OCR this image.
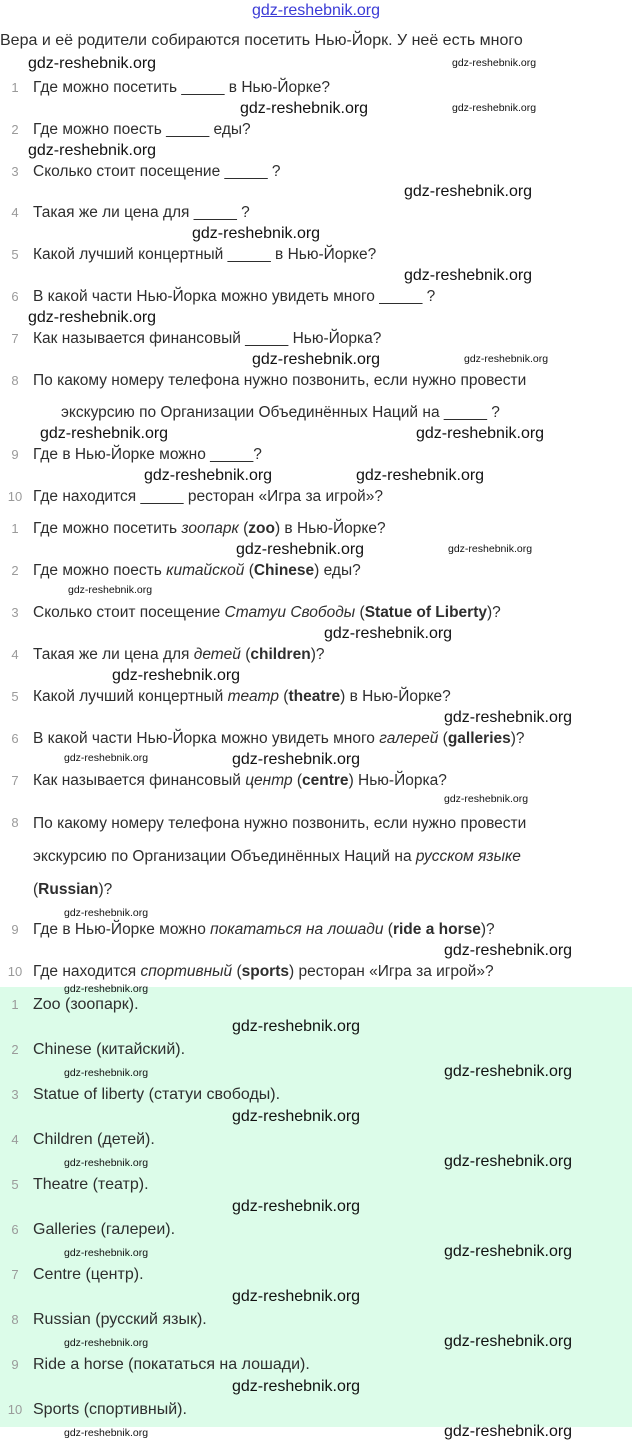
gdz-reshebnik.org
Вера и её родители собираются посетить Нью-Йорк. У неё есть много
1 Где можно посетить _____ в Нью-Йорке?
2 Где можно поесть _____ еды?
3 Сколько стоит посещение _____ ?
4 Такая же ли цена для _____ ?
5 Какой лучший концертный _____ в Нью-Йорке?
6 В какой части Нью-Йорка можно увидеть много _____ ?
7 Как называется финансовый _____ Нью-Йорка?
8 По какому номеру телефона нужно позвонить, если нужно провести
экскурсию по Организации Объединённых Наций на _____ ?
9 Где в Нью-Йорке можно _____?
10 Где находится _____ ресторан «Игра за игрой»?
1 Где можно посетить зоопарк (zoo) в Нью-Йорке?
2 Где можно поесть китайской (Chinese) еды?
3 Сколько стоит посещение Статуи Свободы (Statue of Liberty)?
4 Такая же ли цена для детей (children)?
5 Какой лучший концертный театр (theatre) в Нью-Йорке?
6 В какой части Нью-Йорка можно увидеть много галерей (galleries)?
7 Как называется финансовый центр (centre) Нью-Йорка?
8 По какому номеру телефона нужно позвонить, если нужно провести экскурсию по Организации Объединённых Наций на русском языке (Russian)?
9 Где в Нью-Йорке можно покататься на лошади (ride a horse)?
10 Где находится спортивный (sports) ресторан «Игра за игрой»?
1 Zoo (зоопарк).
2 Chinese (китайский).
3 Statue of liberty (статуи свободы).
4 Children (детей).
5 Theatre (театр).
6 Galleries (галереи).
7 Centre (центр).
8 Russian (русский язык).
9 Ride a horse (покататься на лошади).
10 Sports (спортивный).
gdz-reshebnik.org	gdz-reshebnik.org
gdz-reshebnik.org	gdz-reshebnik.org
gdz-reshebnik.org
gdz-reshebnik.org
gdz-reshebnik.org
gdz-reshebnik.org
gdz-reshebnik.org
gdz-reshebnik.org	gdz-reshebnik.org
gdz-reshebnik.org	gdz-reshebnik.org
gdz-reshebnik.org	gdz-reshebnik.org
gdz-reshebnik.org	gdz-reshebnik.org
gdz-reshebnik.org
gdz-reshebnik.org
gdz-reshebnik.org
gdz-reshebnik.org
gdz-reshebnik.org	gdz-reshebnik.org
gdz-reshebnik.org
gdz-reshebnik.org
gdz-reshebnik.org
gdz-reshebnik.org
gdz-reshebnik.org
gdz-reshebnik.org
gdz-reshebnik.org
gdz-reshebnik.org
gdz-reshebnik.org
gdz-reshebnik.org
gdz-reshebnik.org
gdz-reshebnik.org
gdz-reshebnik.org
gdz-reshebnik.org
gdz-reshebnik.org
gdz-reshebnik.org
gdz-reshebnik.org
gdz-reshebnik.org
gdz-reshebnik.org
